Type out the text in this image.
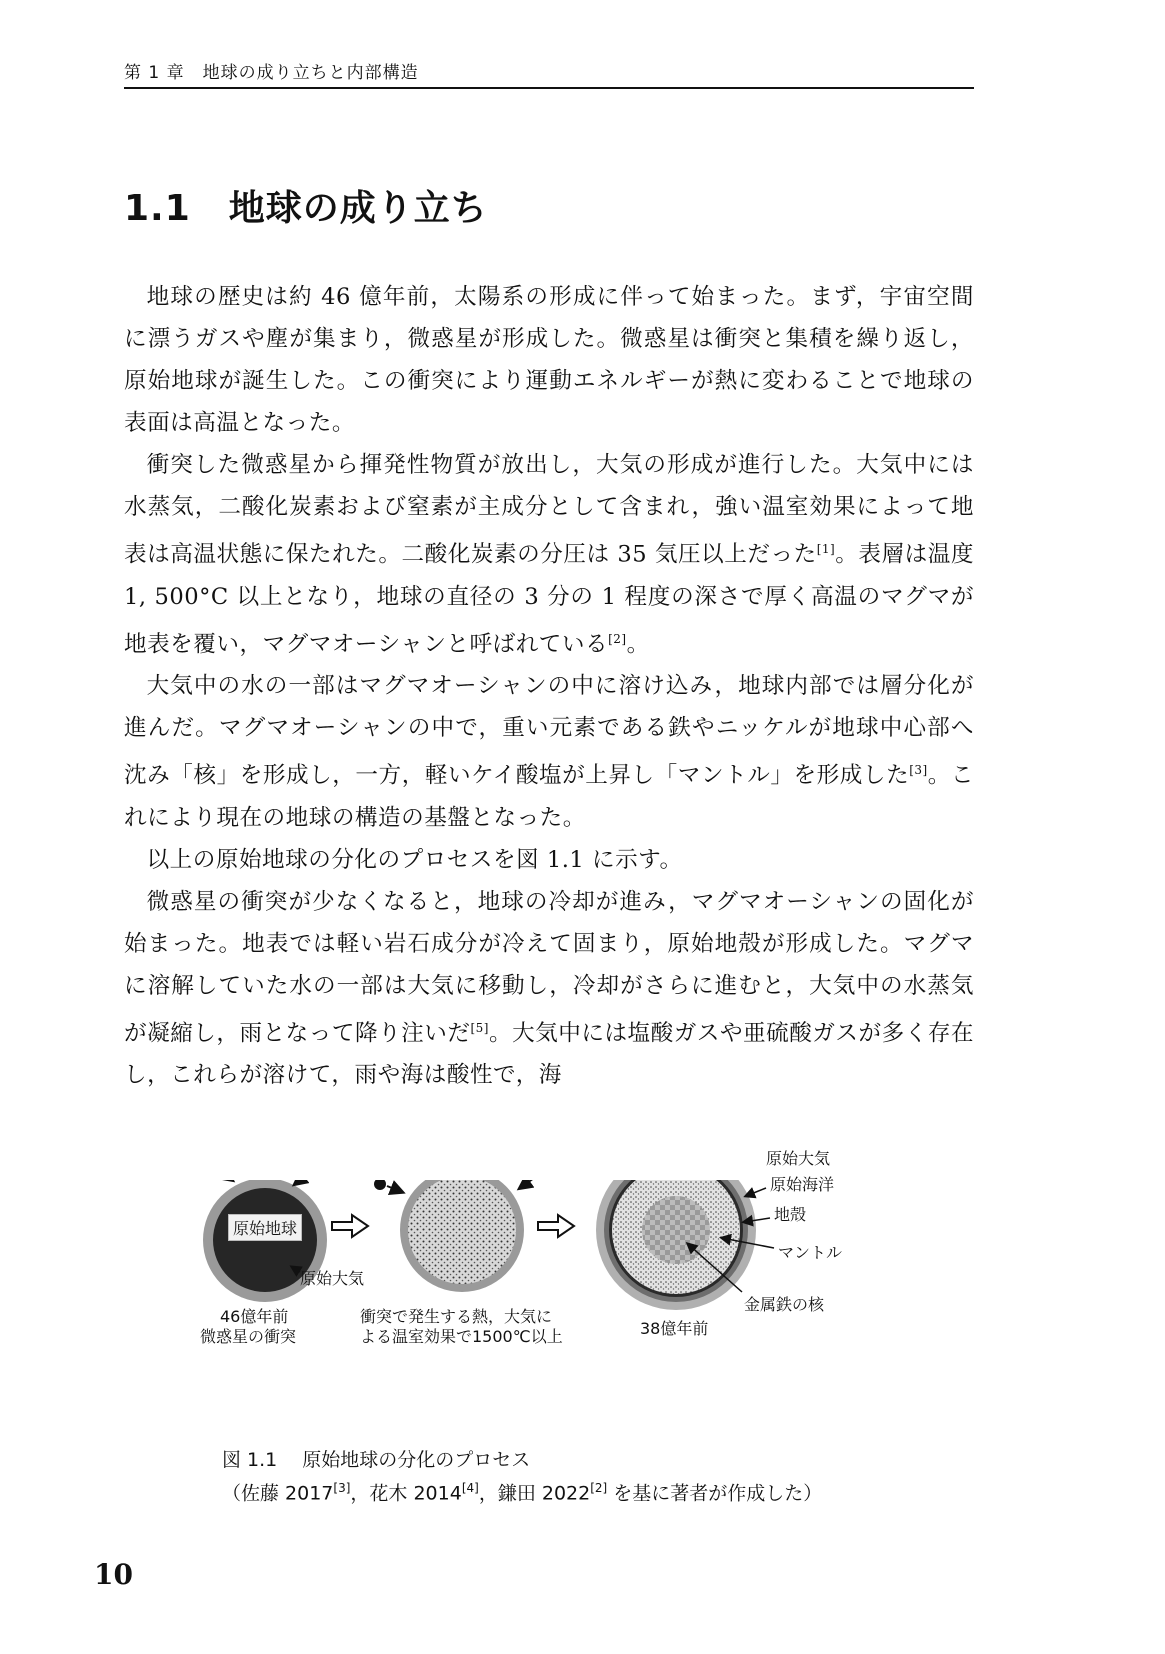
第 1 章　地球の成り立ちと内部構造
1.1 地球の成り立ち

地球の歴史は約 46 億年前，太陽系の形成に伴って始まった。まず，宇宙空間に漂うガスや塵が集まり，微惑星が形成した。微惑星は衝突と集積を繰り返し，原始地球が誕生した。この衝突により運動エネルギーが熱に変わることで地球の表面は高温となった。

衝突した微惑星から揮発性物質が放出し，大気の形成が進行した。大気中には水蒸気，二酸化炭素および窒素が主成分として含まれ，強い温室効果によって地表は高温状態に保たれた。二酸化炭素の分圧は 35 気圧以上だった[1]。表層は温度 1, 500°C 以上となり，地球の直径の 3 分の 1 程度の深さで厚く高温のマグマが地表を覆い，マグマオーシャンと呼ばれている[2]。

大気中の水の一部はマグマオーシャンの中に溶け込み，地球内部では層分化が進んだ。マグマオーシャンの中で，重い元素である鉄やニッケルが地球中心部へ沈み「核」を形成し，一方，軽いケイ酸塩が上昇し「マントル」を形成した[3]。これにより現在の地球の構造の基盤となった。

以上の原始地球の分化のプロセスを図 1.1 に示す。

微惑星の衝突が少なくなると，地球の冷却が進み，マグマオーシャンの固化が始まった。地表では軽い岩石成分が冷えて固まり，原始地殻が形成した。マグマに溶解していた水の一部は大気に移動し，冷却がさらに進むと，大気中の水蒸気が凝縮し，雨となって降り注いだ[5]。大気中には塩酸ガスや亜硫酸ガスが多く存在し，これらが溶けて，雨や海は酸性で，海

原始地球
原始大気
46億年前
微惑星の衝突
衝突で発生する熱，大気に
よる温室効果で1500℃以上
原始大気
原始海洋
地殻
マントル
金属鉄の核
38億年前
図 1.1　 原始地球の分化のプロセス
（佐藤 2017[3]，花木 2014[4]，鎌田 2022[2] を基に著者が作成した）
10
